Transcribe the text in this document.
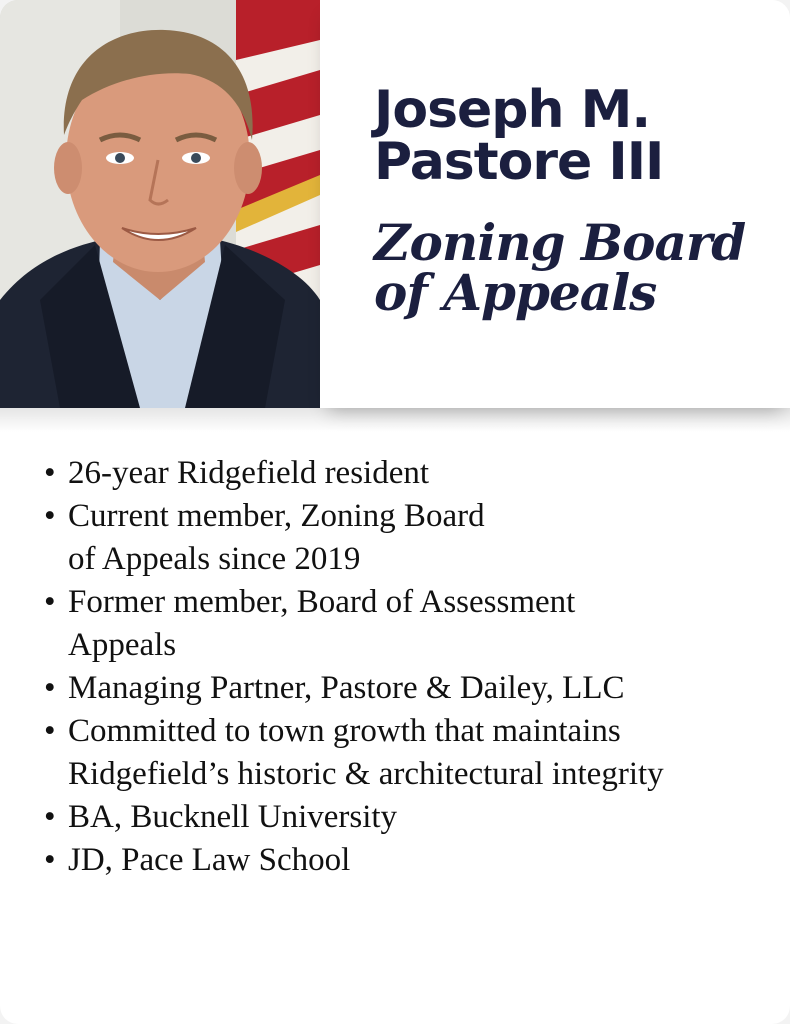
Joseph M.
Pastore III
Zoning Board
of Appeals
• 26-year Ridgefield resident
• Current member, Zoning Board
of Appeals since 2019
• Former member, Board of Assessment
Appeals
• Managing Partner, Pastore & Dailey, LLC
• Committed to town growth that maintains
Ridgefield’s historic & architectural integrity
• BA, Bucknell University
• JD, Pace Law School
